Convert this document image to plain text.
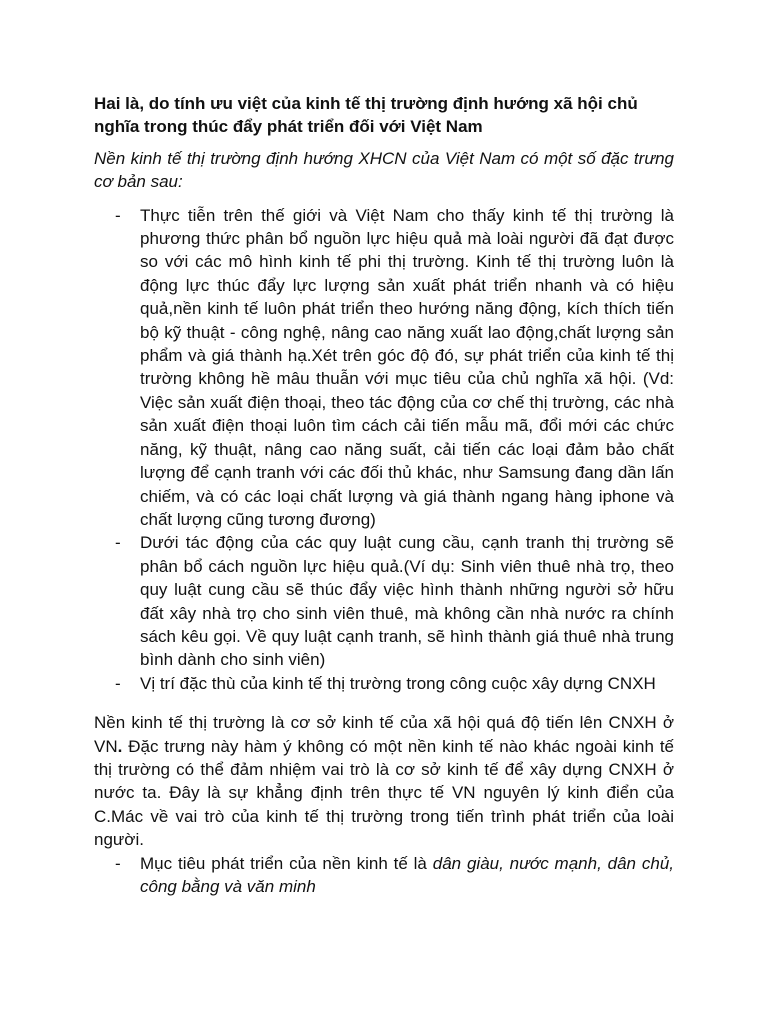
Hai là, do tính ưu việt của kinh tế thị trường định hướng xã hội chủ nghĩa trong thúc đẩy phát triển đối với Việt Nam

Nền kinh tế thị trường định hướng XHCN của Việt Nam có một số đặc trưng cơ bản sau:

- Thực tiễn trên thế giới và Việt Nam cho thấy kinh tế thị trường là phương thức phân bổ nguồn lực hiệu quả mà loài người đã đạt được so với các mô hình kinh tế phi thị trường. Kinh tế thị trường luôn là động lực thúc đẩy lực lượng sản xuất phát triển nhanh và có hiệu quả,nền kinh tế luôn phát triển theo hướng năng động, kích thích tiến bộ kỹ thuật - công nghệ, nâng cao năng xuất lao động,chất lượng sản phẩm và giá thành hạ.Xét trên góc độ đó, sự phát triển của kinh tế thị trường không hề mâu thuẫn với mục tiêu của chủ nghĩa xã hội. (Vd: Việc sản xuất điện thoại, theo tác động của cơ chế thị trường, các nhà sản xuất điện thoại luôn tìm cách cải tiến mẫu mã, đổi mới các chức năng, kỹ thuật, nâng cao năng suất, cải tiến các loại đảm bảo chất lượng để cạnh tranh với các đối thủ khác, như Samsung đang dần lấn chiếm, và có các loại chất lượng và giá thành ngang hàng iphone và chất lượng cũng tương đương)
- Dưới tác động của các quy luật cung cầu, cạnh tranh thị trường sẽ phân bổ cách nguồn lực hiệu quả.(Ví dụ: Sinh viên thuê nhà trọ, theo quy luật cung cầu sẽ thúc đẩy việc hình thành những người sở hữu đất xây nhà trọ cho sinh viên thuê, mà không cần nhà nước ra chính sách kêu gọi. Về quy luật cạnh tranh, sẽ hình thành giá thuê nhà trung bình dành cho sinh viên)
- Vị trí đặc thù của kinh tế thị trường trong công cuộc xây dựng CNXH

Nền kinh tế thị trường là cơ sở kinh tế của xã hội quá độ tiến lên CNXH ở VN. Đặc trưng này hàm ý không có một nền kinh tế nào khác ngoài kinh tế thị trường có thể đảm nhiệm vai trò là cơ sở kinh tế để xây dựng CNXH ở nước ta. Đây là sự khẳng định trên thực tế VN nguyên lý kinh điển của C.Mác về vai trò của kinh tế thị trường trong tiến trình phát triển của loài người.

- Mục tiêu phát triển của nền kinh tế là dân giàu, nước mạnh, dân chủ, công bằng và văn minh
